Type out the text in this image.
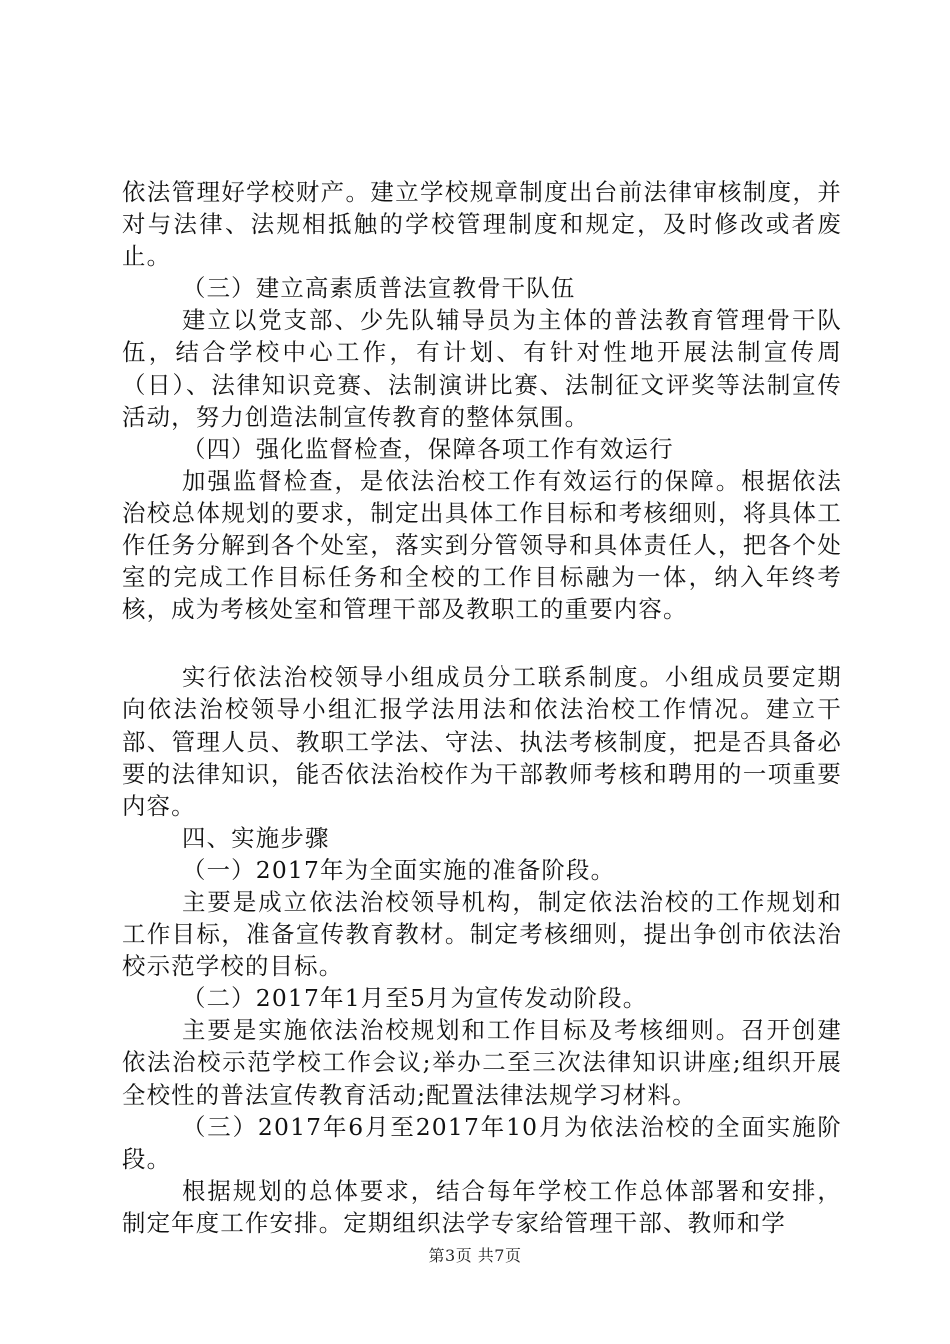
依法管理好学校财产。建立学校规章制度出台前法律审核制度，并对与法律、法规相抵触的学校管理制度和规定，及时修改或者废止。

（三）建立高素质普法宣教骨干队伍

建立以党支部、少先队辅导员为主体的普法教育管理骨干队伍，结合学校中心工作，有计划、有针对性地开展法制宣传周（日）、法律知识竞赛、法制演讲比赛、法制征文评奖等法制宣传活动，努力创造法制宣传教育的整体氛围。

（四）强化监督检查，保障各项工作有效运行

加强监督检查，是依法治校工作有效运行的保障。根据依法治校总体规划的要求，制定出具体工作目标和考核细则，将具体工作任务分解到各个处室，落实到分管领导和具体责任人，把各个处室的完成工作目标任务和全校的工作目标融为一体，纳入年终考核，成为考核处室和管理干部及教职工的重要内容。

实行依法治校领导小组成员分工联系制度。小组成员要定期向依法治校领导小组汇报学法用法和依法治校工作情况。建立干部、管理人员、教职工学法、守法、执法考核制度，把是否具备必要的法律知识，能否依法治校作为干部教师考核和聘用的一项重要内容。

四、实施步骤

（一）2017年为全面实施的准备阶段。

主要是成立依法治校领导机构，制定依法治校的工作规划和工作目标，准备宣传教育教材。制定考核细则，提出争创市依法治校示范学校的目标。

（二）2017年1月至5月为宣传发动阶段。

主要是实施依法治校规划和工作目标及考核细则。召开创建依法治校示范学校工作会议;举办二至三次法律知识讲座;组织开展全校性的普法宣传教育活动;配置法律法规学习材料。

（三）2017年6月至2017年10月为依法治校的全面实施阶段。

根据规划的总体要求，结合每年学校工作总体部署和安排，制定年度工作安排。定期组织法学专家给管理干部、教师和学

第3页 共7页
